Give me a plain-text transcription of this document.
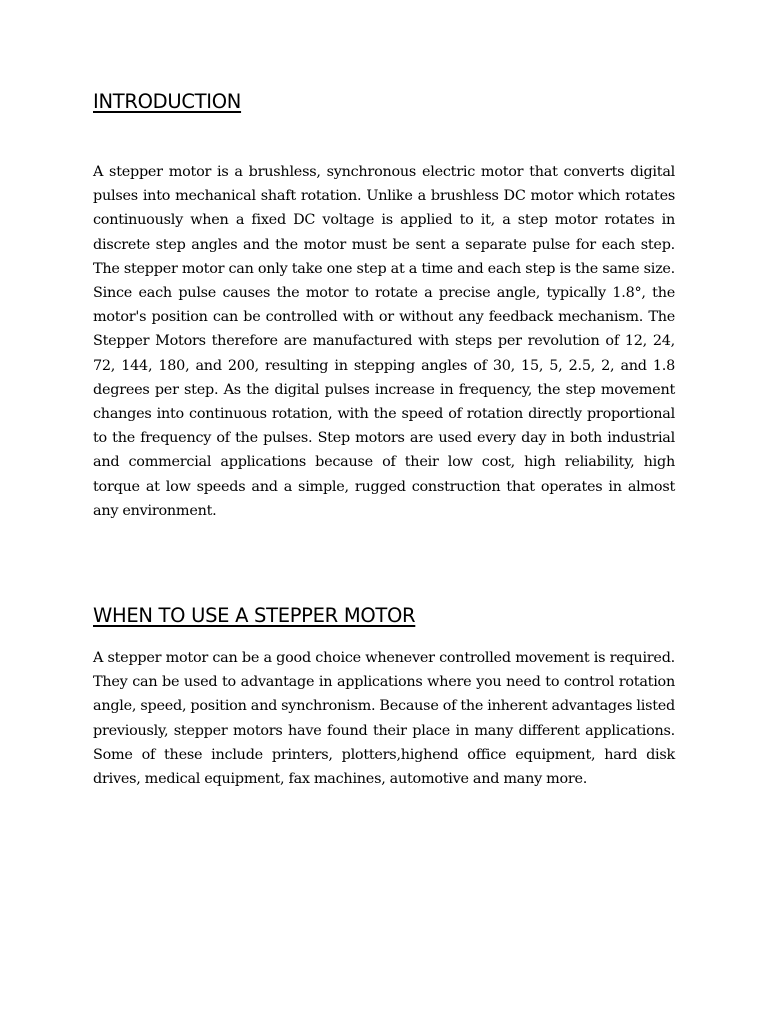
INTRODUCTION

A stepper motor is a brushless, synchronous electric motor that converts digital pulses into mechanical shaft rotation. Unlike a brushless DC motor which rotates continuously when a fixed DC voltage is applied to it, a step motor rotates in discrete step angles and the motor must be sent a separate pulse for each step. The stepper motor can only take one step at a time and each step is the same size. Since each pulse causes the motor to rotate a precise angle, typically 1.8°, the motor's position can be controlled with or without any feedback mechanism. The Stepper Motors therefore are manufactured with steps per revolution of 12, 24, 72, 144, 180, and 200, resulting in stepping angles of 30, 15, 5, 2.5, 2, and 1.8 degrees per step. As the digital pulses increase in frequency, the step movement changes into continuous rotation, with the speed of rotation directly proportional to the frequency of the pulses. Step motors are used every day in both industrial and commercial applications because of their low cost, high reliability, high torque at low speeds and a simple, rugged construction that operates in almost any environment.

WHEN TO USE A STEPPER MOTOR

A stepper motor can be a good choice whenever controlled movement is required. They can be used to advantage in applications where you need to control rotation angle, speed, position and synchronism. Because of the inherent advantages listed previously, stepper motors have found their place in many different applications. Some of these include printers, plotters,highend office equipment, hard disk drives, medical equipment, fax machines, automotive and many more.
